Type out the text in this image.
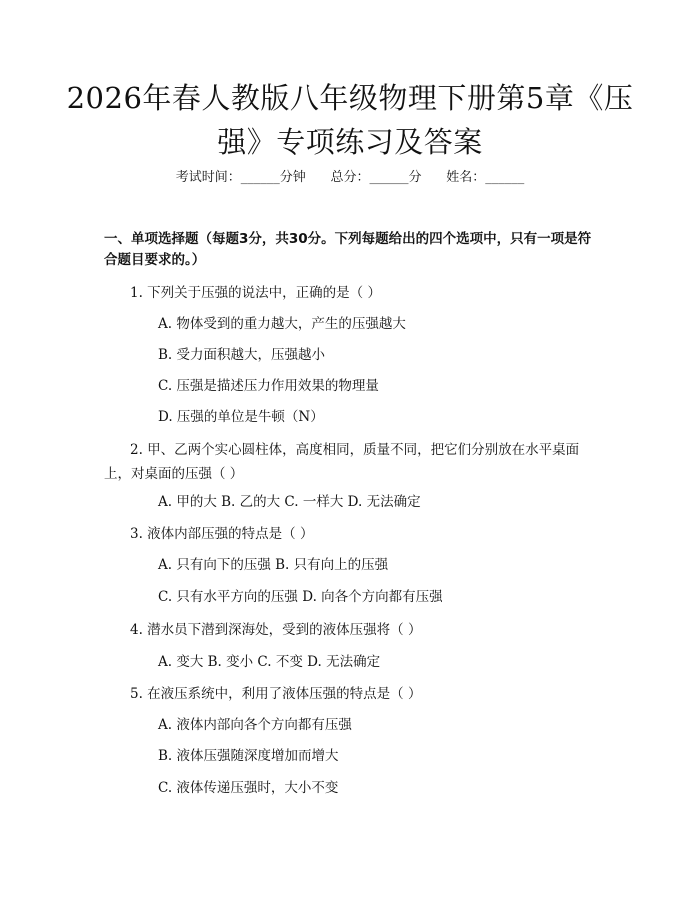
2026年春人教版八年级物理下册第5章《压强》专项练习及答案
考试时间：______分钟      总分：______分      姓名：______
一、单项选择题（每题3分，共30分。下列每题给出的四个选项中，只有一项是符合题目要求的。）
1. 下列关于压强的说法中，正确的是（ ）
A. 物体受到的重力越大，产生的压强越大
B. 受力面积越大，压强越小
C. 压强是描述压力作用效果的物理量
D. 压强的单位是牛顿（N）
2. 甲、乙两个实心圆柱体，高度相同，质量不同，把它们分别放在水平桌面上，对桌面的压强（ ）
A. 甲的大 B. 乙的大 C. 一样大 D. 无法确定
3. 液体内部压强的特点是（ ）
A. 只有向下的压强 B. 只有向上的压强
C. 只有水平方向的压强 D. 向各个方向都有压强
4. 潜水员下潜到深海处，受到的液体压强将（ ）
A. 变大 B. 变小 C. 不变 D. 无法确定
5. 在液压系统中，利用了液体压强的特点是（ ）
A. 液体内部向各个方向都有压强
B. 液体压强随深度增加而增大
C. 液体传递压强时，大小不变
